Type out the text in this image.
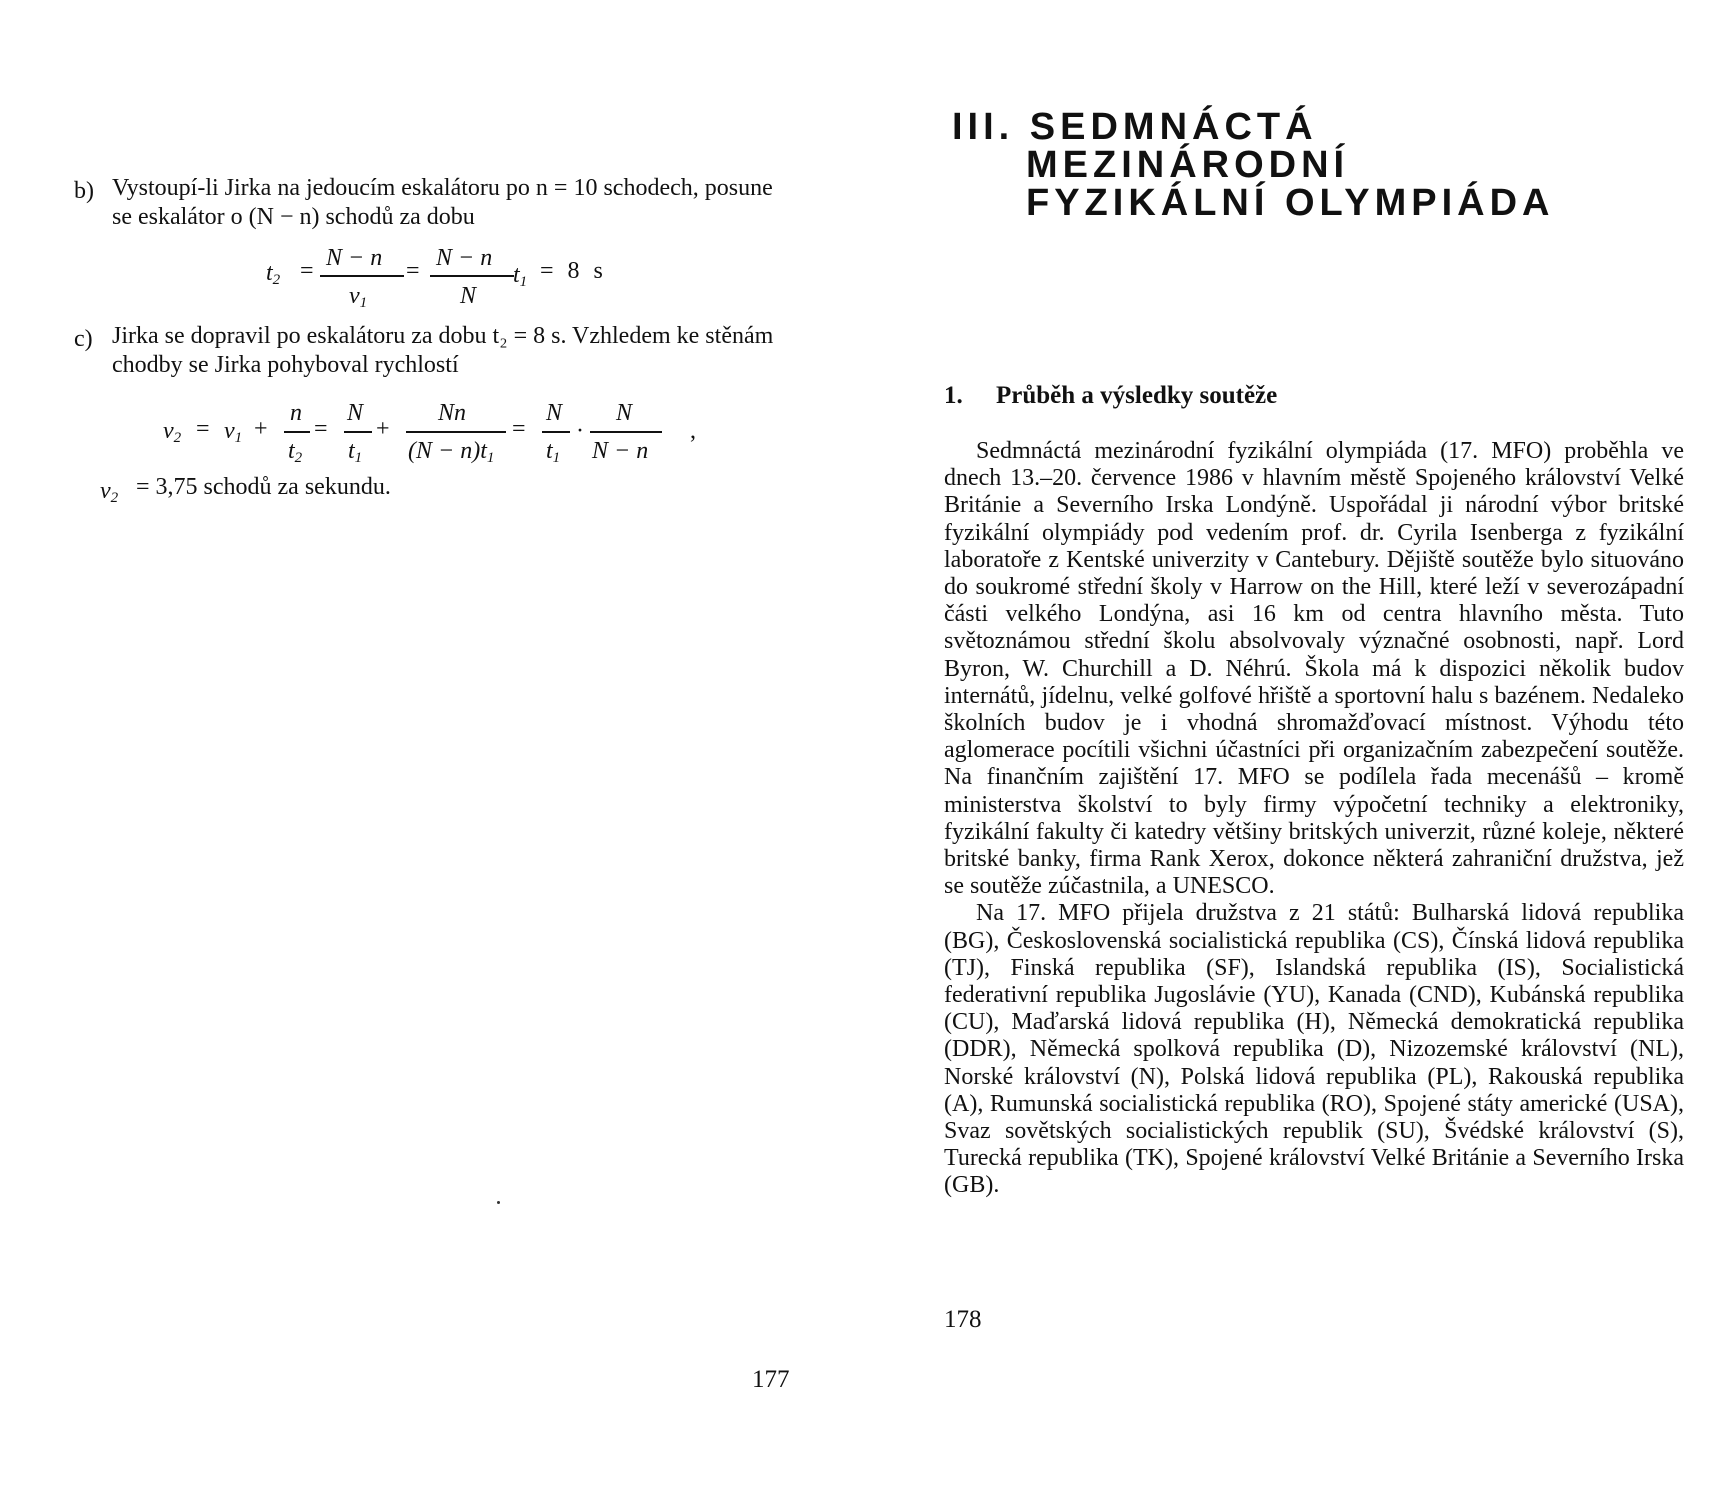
b) Vystoupí-li Jirka na jedoucím eskalátoru po n = 10 schodech, posune se eskalátor o (N − n) schodů za dobu
$t_2 = N - n$
$v_1$
= N − n
N
$t_1 = 8$ s
c) Jirka se dopravil po eskalátoru za dobu t₂ = 8 s. Vzhledem ke stěnám chodby se Jirka pohyboval rychlostí
$v_2 = v_1$ +
n
$t_2$
=
N
$t_1$
+
Nn
$(N - n)t_1$
=
N
$t_1$
·
N
N − n
,
$v_2 = 3,75$ schodů za sekundu.
177
III. SEDMNÁCTÁ
MEZINÁRODNÍ
FYZIKÁLNÍ OLYMPIÁDA
1. Průběh a výsledky soutěže

Sedmnáctá mezinárodní fyzikální olympiáda (17. MFO) proběhla ve dnech 13.–20. července 1986 v hlavním městě Spojeného království Velké Británie a Severního Irska Londýně. Uspořádal ji národní výbor britské fyzikální olympiády pod vedením prof. dr. Cyrila Isenberga z fyzikální laboratoře z Kentské univerzity v Cantebury. Dějiště soutěže bylo situováno do soukromé střední školy v Harrow on the Hill, které leží v severozápadní části velkého Londýna, asi 16 km od centra hlavního města. Tuto světoznámou střední školu absolvovaly význačné osobnosti, např. Lord Byron, W. Churchill a D. Néhrú. Škola má k dispozici několik budov internátů, jídelnu, velké golfové hřiště a sportovní halu s bazénem. Nedaleko školních budov je i vhodná shromažďovací místnost. Výhodu této aglomerace pocítili všichni účastníci při organizačním zabezpečení soutěže. Na finančním zajištění 17. MFO se podílela řada mecenášů – kromě ministerstva školství to byly firmy výpočetní techniky a elektroniky, fyzikální fakulty či katedry většiny britských univerzit, různé koleje, některé britské banky, firma Rank Xerox, dokonce některá zahraniční družstva, jež se soutěže zúčastnila, a UNESCO.

Na 17. MFO přijela družstva z 21 států: Bulharská lidová republika (BG), Československá socialistická republika (CS), Čínská lidová republika (TJ), Finská republika (SF), Islandská republika (IS), Socialistická federativní republika Jugoslávie (YU), Kanada (CND), Kubánská republika (CU), Maďarská lidová republika (H), Německá demokratická republika (DDR), Německá spolková republika (D), Nizozemské království (NL), Norské království (N), Polská lidová republika (PL), Rakouská republika (A), Rumunská socialistická republika (RO), Spojené státy americké (USA), Svaz sovětských socialistických republik (SU), Švédské království (S), Turecká republika (TK), Spojené království Velké Británie a Severního Irska (GB).

178
